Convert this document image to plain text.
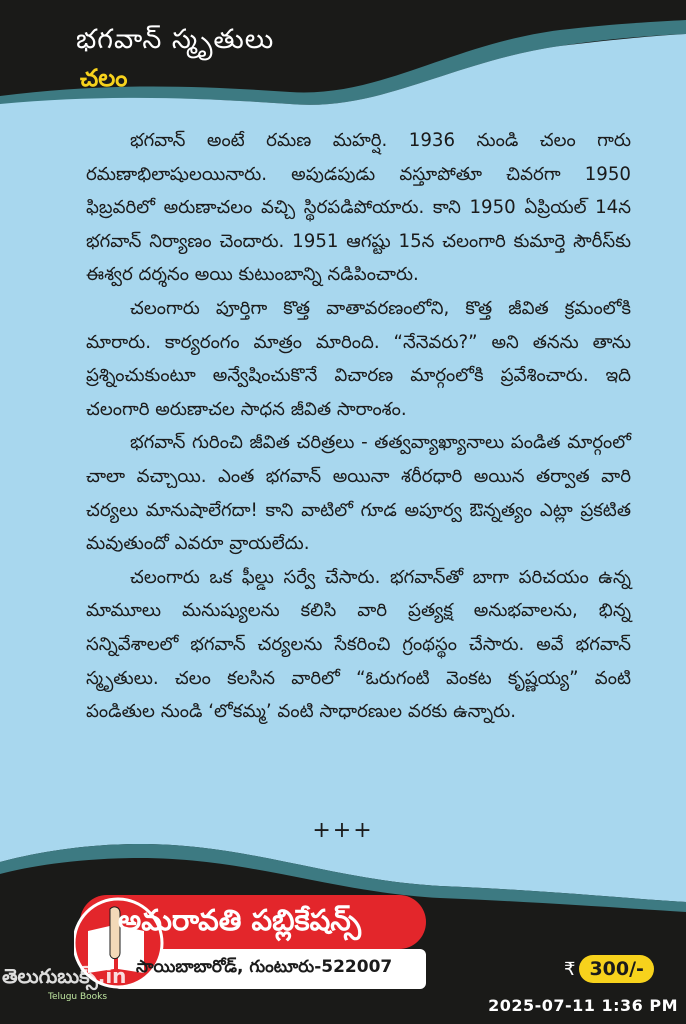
భగవాన్ స్మృతులు
చలం

భగవాన్ అంటే రమణ మహర్షి. 1936 నుండి చలం గారు రమణాభిలాషులయినారు. అపుడపుడు వస్తూపోతూ చివరగా 1950 ఫిబ్రవరిలో అరుణాచలం వచ్చి స్థిరపడిపోయారు. కాని 1950 ఏప్రియల్ 14న భగవాన్ నిర్యాణం చెందారు. 1951 ఆగష్టు 15న చలంగారి కుమార్తె సౌరీస్‌కు ఈశ్వర దర్శనం అయి కుటుంబాన్ని నడిపించారు.

చలంగారు పూర్తిగా కొత్త వాతావరణంలోని, కొత్త జీవిత క్రమంలోకి మారారు. కార్యరంగం మాత్రం మారింది. “నేనెవరు?” అని తనను తాను ప్రశ్నించుకుంటూ అన్వేషించుకొనే విచారణ మార్గంలోకి ప్రవేశించారు. ఇది చలంగారి అరుణాచల సాధన జీవిత సారాంశం.

భగవాన్ గురించి జీవిత చరిత్రలు - తత్వవ్యాఖ్యానాలు పండిత మార్గంలో చాలా వచ్చాయి. ఎంత భగవాన్ అయినా శరీరధారి అయిన తర్వాత వారి చర్యలు మానుషాలేగదా! కాని వాటిలో గూడ అపూర్వ ఔన్నత్యం ఎట్లా ప్రకటిత మవుతుందో ఎవరూ వ్రాయలేదు.

చలంగారు ఒక ఫీల్డు సర్వే చేసారు. భగవాన్‌తో బాగా పరిచయం ఉన్న మామూలు మనుష్యులను కలిసి వారి ప్రత్యక్ష అనుభవాలను, భిన్న సన్నివేశాలలో భగవాన్ చర్యలను సేకరించి గ్రంథస్థం చేసారు. అవే భగవాన్ స్మృతులు. చలం కలసిన వారిలో “ఓరుగంటి వెంకట కృష్ణయ్య” వంటి పండితుల నుండి ‘లోకమ్మ’ వంటి సాధారణుల వరకు ఉన్నారు.

+++
అమరావతి పబ్లికేషన్స్
సాయిబాబారోడ్, గుంటూరు-522007	₹ 300/-
తెలుగుబుక్స్.in
Telugu Books	2025-07-11 1:36 PM
